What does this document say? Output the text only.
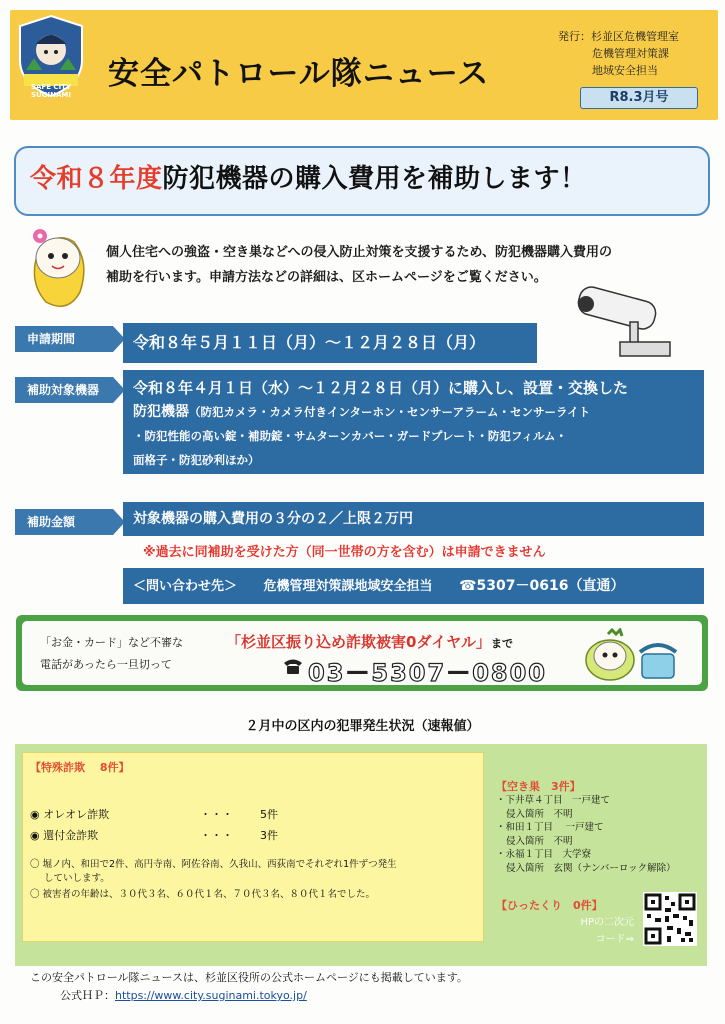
SAFE CITY SUGINAMI
安全パトロール隊ニュース
発行：杉並区危機管理室
危機管理対策課
地域安全担当
R8.3月号
令和８年度防犯機器の購入費用を補助します！
個人住宅への強盗・空き巣などへの侵入防止対策を支援するため、防犯機器購入費用の
補助を行います。申請方法などの詳細は、区ホームページをご覧ください。
申請期間	令和８年５月１１日（月）～１２月２８日（月）
補助対象機器	令和８年４月１日（水）～１２月２８日（月）に購入し、設置・交換した
防犯機器（防犯カメラ・カメラ付きインターホン・センサーアラーム・センサーライト
・防犯性能の高い錠・補助錠・サムターンカバー・ガードプレート・防犯フィルム・
面格子・防犯砂利ほか）
補助金額	対象機器の購入費用の３分の２／上限２万円
※過去に同補助を受けた方（同一世帯の方を含む）は申請できません
＜問い合わせ先＞ 危機管理対策課地域安全担当 ☎5307－0616（直通）
「お金・カード」など不審な
電話があったら一旦切って
「杉並区振り込め詐欺被害0ダイヤル」まで
03－5307－0800
２月中の区内の犯罪発生状況（速報値）
【特殊詐欺　 8件】
◉ オレオレ詐欺	・・・ 5件
◉ 還付金詐欺	・・・ 3件
〇 堀ノ内、和田で2件、高円寺南、阿佐谷南、久我山、西荻南でそれぞれ1件ずつ発生
していします。
〇 被害者の年齢は、３０代３名、６０代１名、７０代３名、８０代１名でした。
【空き巣　3件】
・下井草４丁目　一戸建て
侵入箇所　不明
・和田１丁目　 一戸建て
侵入箇所　不明
・永福１丁目　大学寮
侵入箇所　玄関（ナンバーロック解除）
【ひったくり　0件】
HPの二次元
コード⇒
この安全パトロール隊ニュースは、杉並区役所の公式ホームページにも掲載しています。
公式ＨＰ：https://www.city.suginami.tokyo.jp/
